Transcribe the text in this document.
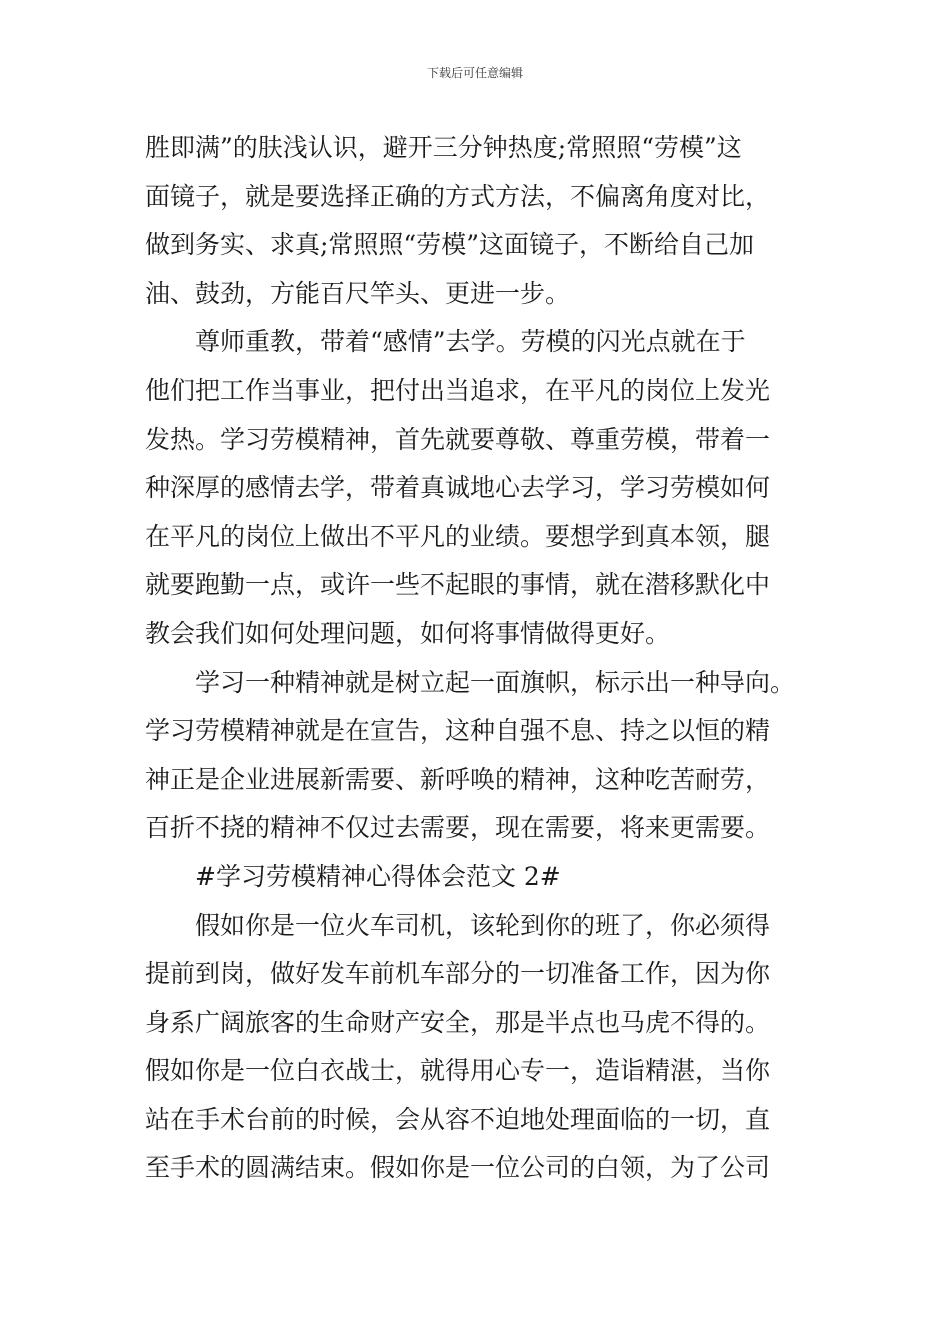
下载后可任意编辑
胜即满”的肤浅认识，避开三分钟热度;常照照“劳模”这
面镜子，就是要选择正确的方式方法，不偏离角度对比，
做到务实、求真;常照照“劳模”这面镜子，不断给自己加
油、鼓劲，方能百尺竿头、更进一步。
尊师重教，带着“感情”去学。劳模的闪光点就在于
他们把工作当事业，把付出当追求，在平凡的岗位上发光
发热。学习劳模精神，首先就要尊敬、尊重劳模，带着一
种深厚的感情去学，带着真诚地心去学习，学习劳模如何
在平凡的岗位上做出不平凡的业绩。要想学到真本领，腿
就要跑勤一点，或许一些不起眼的事情，就在潜移默化中
教会我们如何处理问题，如何将事情做得更好。
学习一种精神就是树立起一面旗帜，标示出一种导向。
学习劳模精神就是在宣告，这种自强不息、持之以恒的精
神正是企业进展新需要、新呼唤的精神，这种吃苦耐劳，
百折不挠的精神不仅过去需要，现在需要，将来更需要。
#学习劳模精神心得体会范文 2#
假如你是一位火车司机，该轮到你的班了，你必须得
提前到岗，做好发车前机车部分的一切准备工作，因为你
身系广阔旅客的生命财产安全，那是半点也马虎不得的。
假如你是一位白衣战士，就得用心专一，造诣精湛，当你
站在手术台前的时候，会从容不迫地处理面临的一切，直
至手术的圆满结束。假如你是一位公司的白领，为了公司
